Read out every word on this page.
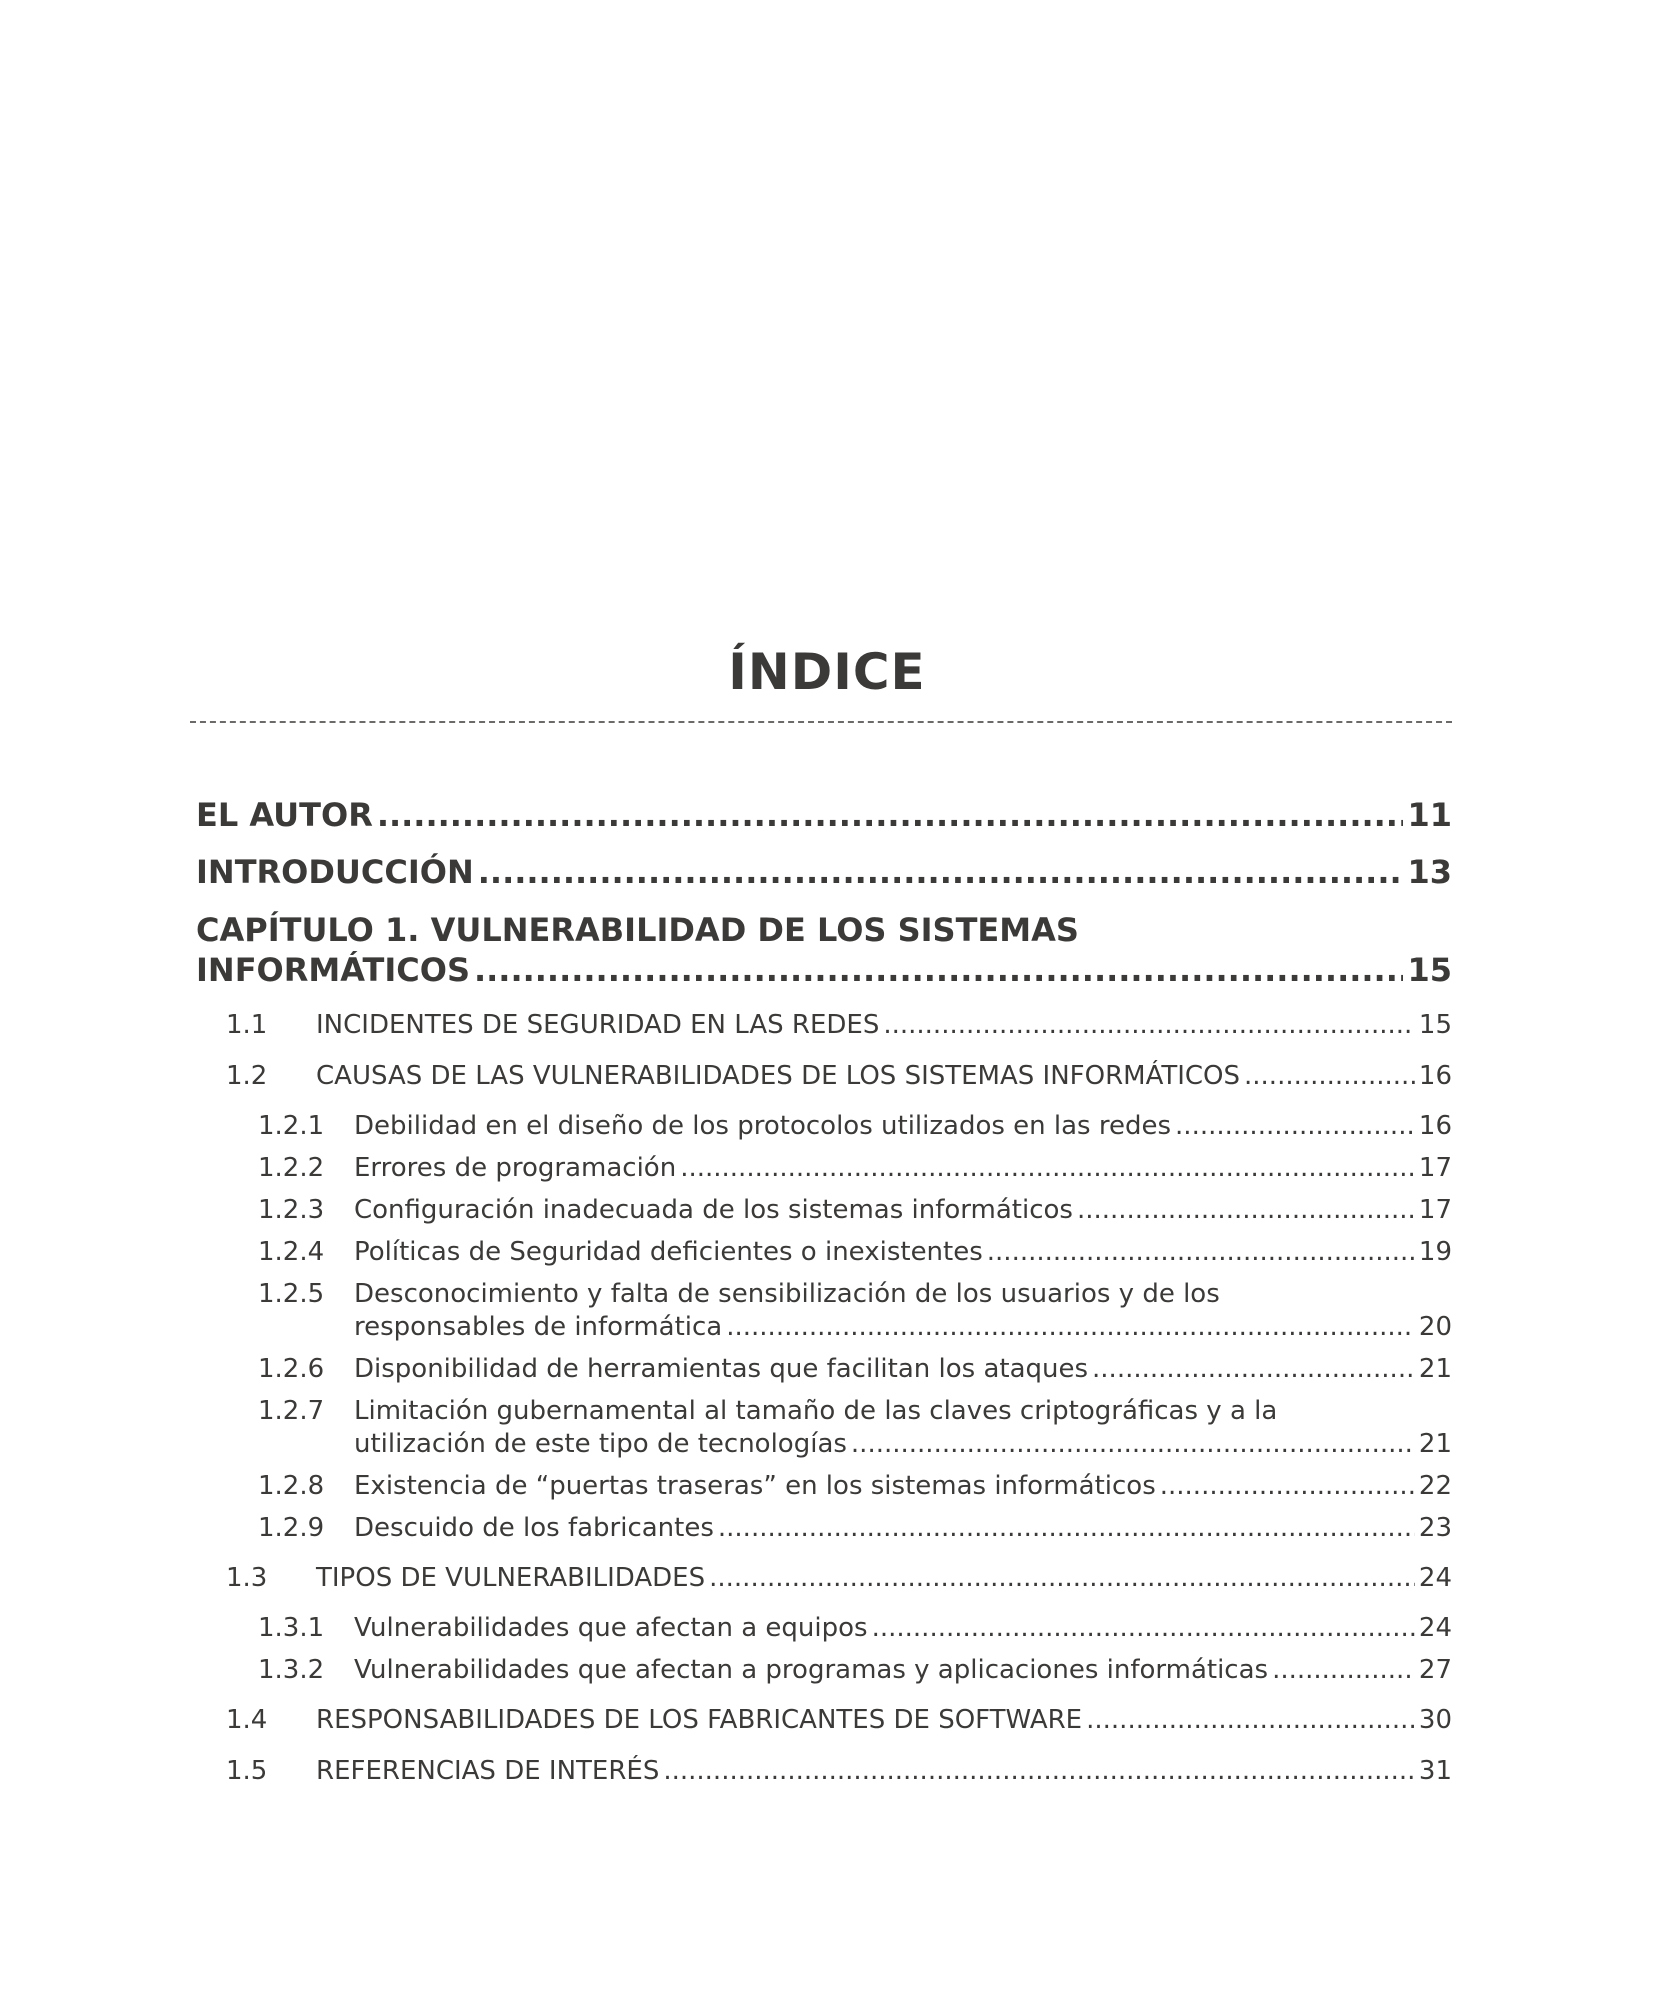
ÍNDICE
EL AUTOR .....	11
INTRODUCCIÓN .....	13
CAPÍTULO 1. VULNERABILIDAD DE LOS SISTEMAS
INFORMÁTICOS .....	15
1.1 INCIDENTES DE SEGURIDAD EN LAS REDES .....	15
1.2 CAUSAS DE LAS VULNERABILIDADES DE LOS SISTEMAS INFORMÁTICOS .....	16
1.2.1 Debilidad en el diseño de los protocolos utilizados en las redes .....	16
1.2.2 Errores de programación .....	17
1.2.3 Configuración inadecuada de los sistemas informáticos .....	17
1.2.4 Políticas de Seguridad deficientes o inexistentes .....	19
1.2.5 Desconocimiento y falta de sensibilización de los usuarios y de los
responsables de informática .....	20
1.2.6 Disponibilidad de herramientas que facilitan los ataques .....	21
1.2.7 Limitación gubernamental al tamaño de las claves criptográficas y a la
utilización de este tipo de tecnologías .....	21
1.2.8 Existencia de “puertas traseras” en los sistemas informáticos .....	22
1.2.9 Descuido de los fabricantes .....	23
1.3 TIPOS DE VULNERABILIDADES .....	24
1.3.1 Vulnerabilidades que afectan a equipos .....	24
1.3.2 Vulnerabilidades que afectan a programas y aplicaciones informáticas .....	27
1.4 RESPONSABILIDADES DE LOS FABRICANTES DE SOFTWARE .....	30
1.5 REFERENCIAS DE INTERÉS .....	31
